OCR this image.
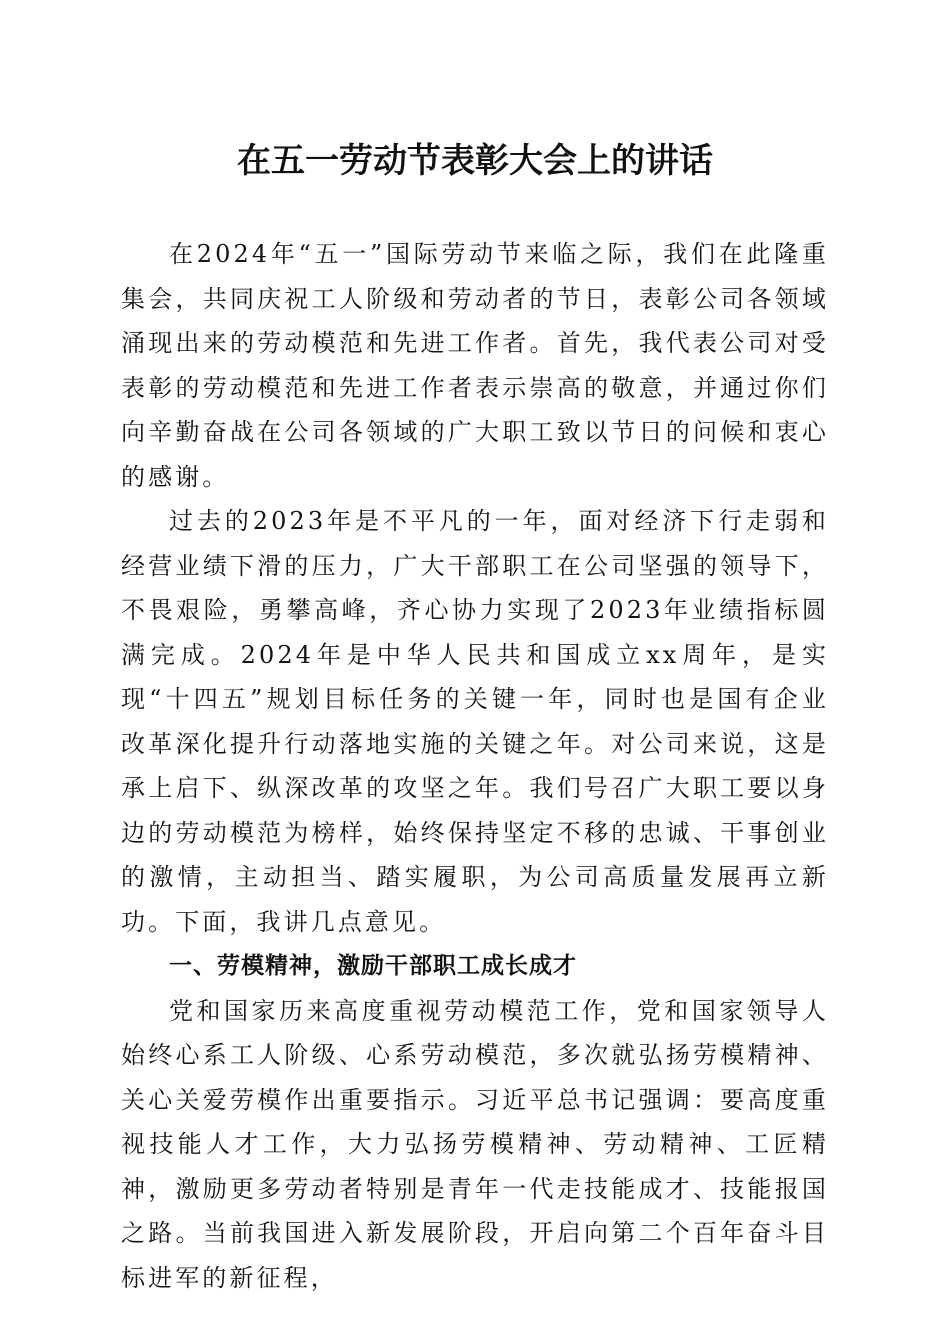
在五一劳动节表彰大会上的讲话

在2024年“五一”国际劳动节来临之际，我们在此隆重集会，共同庆祝工人阶级和劳动者的节日，表彰公司各领域涌现出来的劳动模范和先进工作者。首先，我代表公司对受表彰的劳动模范和先进工作者表示崇高的敬意，并通过你们向辛勤奋战在公司各领域的广大职工致以节日的问候和衷心的感谢。

过去的2023年是不平凡的一年，面对经济下行走弱和经营业绩下滑的压力，广大干部职工在公司坚强的领导下，不畏艰险，勇攀高峰，齐心协力实现了2023年业绩指标圆满完成。2024年是中华人民共和国成立xx周年，是实现“十四五”规划目标任务的关键一年，同时也是国有企业改革深化提升行动落地实施的关键之年。对公司来说，这是承上启下、纵深改革的攻坚之年。我们号召广大职工要以身边的劳动模范为榜样，始终保持坚定不移的忠诚、干事创业的激情，主动担当、踏实履职，为公司高质量发展再立新功。下面，我讲几点意见。

一、劳模精神，激励干部职工成长成才

党和国家历来高度重视劳动模范工作，党和国家领导人始终心系工人阶级、心系劳动模范，多次就弘扬劳模精神、关心关爱劳模作出重要指示。习近平总书记强调：要高度重视技能人才工作，大力弘扬劳模精神、劳动精神、工匠精神，激励更多劳动者特别是青年一代走技能成才、技能报国之路。当前我国进入新发展阶段，开启向第二个百年奋斗目标进军的新征程，
